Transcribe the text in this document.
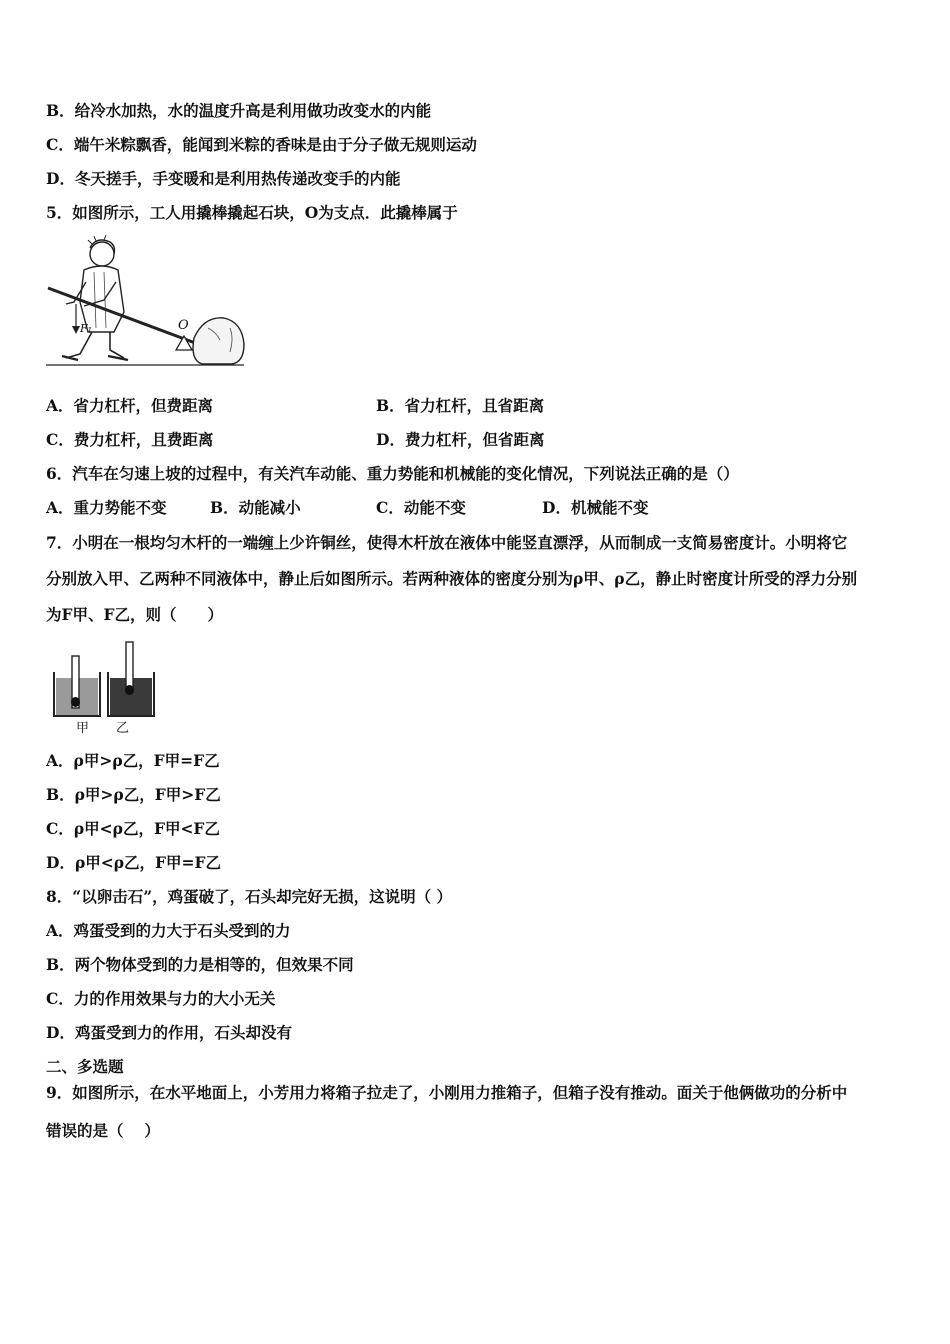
B．给冷水加热，水的温度升高是利用做功改变水的内能
C．端午米粽飘香，能闻到米粽的香味是由于分子做无规则运动
D．冬天搓手，手变暖和是利用热传递改变手的内能
5．如图所示，工人用撬棒撬起石块，O为支点．此撬棒属于
F₁	O
A．省力杠杆，但费距离	B．省力杠杆，且省距离
C．费力杠杆，且费距离	D．费力杠杆，但省距离
6．汽车在匀速上坡的过程中，有关汽车动能、重力势能和机械能的变化情况，下列说法正确的是（）
A．重力势能不变	B．动能减小	C．动能不变	D．机械能不变
7．小明在一根均匀木杆的一端缠上少许铜丝，使得木杆放在液体中能竖直漂浮，从而制成一支简易密度计。小明将它
分别放入甲、乙两种不同液体中，静止后如图所示。若两种液体的密度分别为ρ甲、ρ乙，静止时密度计所受的浮力分别
为F甲、F乙，则（　　）
甲 乙
A．ρ甲>ρ乙，F甲=F乙
B．ρ甲>ρ乙，F甲>F乙
C．ρ甲<ρ乙，F甲<F乙
D．ρ甲<ρ乙，F甲=F乙
8．“以卵击石”，鸡蛋破了，石头却完好无损，这说明（ ）
A．鸡蛋受到的力大于石头受到的力
B．两个物体受到的力是相等的，但效果不同
C．力的作用效果与力的大小无关
D．鸡蛋受到力的作用，石头却没有
二、多选题
9．如图所示，在水平地面上，小芳用力将箱子拉走了，小刚用力推箱子，但箱子没有推动。面关于他俩做功的分析中
错误的是（　 ）
